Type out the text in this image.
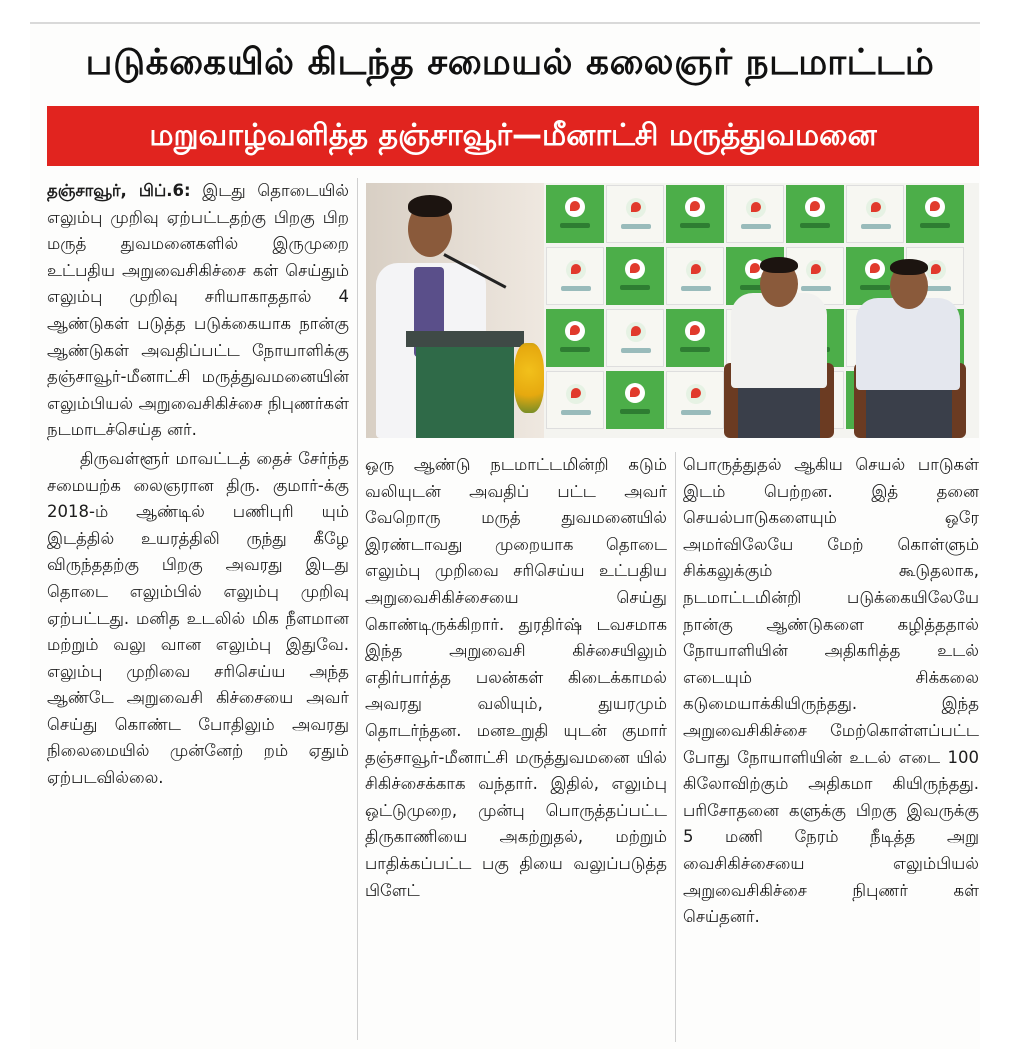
படுக்கையில் கிடந்த சமையல் கலைஞர் நடமாட்டம்
மறுவாழ்வளித்த தஞ்சாவூர்—மீனாட்சி மருத்துவமனை

தஞ்சாவூர், பிப்.6: இடது தொடையில் எலும்பு முறிவு ஏற்பட்டதற்கு பிறகு பிற மருத் துவமனைகளில் இருமுறை உட்பதிய அறுவைசிகிச்சை கள் செய்தும் எலும்பு முறிவு சரியாகாததால் 4 ஆண்டுகள் படுத்த படுக்கையாக நான்கு ஆண்டுகள் அவதிப்பட்ட நோயாளிக்கு தஞ்சாவூர்-மீனாட்சி மருத்துவமனையின் எலும்பியல் அறுவைசிகிச்சை நிபுணர்கள் நடமாடச்செய்த னர்.

திருவள்ளூர் மாவட்டத் தைச் சேர்ந்த சமையற்க லைஞரான திரு. குமார்-க்கு 2018-ம் ஆண்டில் பணிபுரி யும் இடத்தில் உயரத்திலி ருந்து கீழே விருந்ததற்கு பிறகு அவரது இடது தொடை எலும்பில் எலும்பு முறிவு ஏற்பட்டது. மனித உடலில் மிக நீளமான மற்றும் வலு வான எலும்பு இதுவே. எலும்பு முறிவை சரிசெய்ய அந்த ஆண்டே அறுவைசி கிச்சையை அவர் செய்து கொண்ட போதிலும் அவரது நிலைமையில் முன்னேற் றம் ஏதும் ஏற்படவில்லை.

ஒரு ஆண்டு நடமாட்டமின்றி கடும் வலியுடன் அவதிப் பட்ட அவர் வேறொரு மருத் துவமனையில் இரண்டாவது முறையாக தொடை எலும்பு முறிவை சரிசெய்ய உட்பதிய அறுவைசிகிச்சையை செய்து கொண்டிருக்கிறார். துரதிர்ஷ் டவசமாக இந்த அறுவைசி கிச்சையிலும் எதிர்பார்த்த பலன்கள் கிடைக்காமல் அவரது வலியும், துயரமும் தொடர்ந்தன. மனஉறுதி யுடன் குமார் தஞ்சாவூர்-மீனாட்சி மருத்துவமனை யில் சிகிச்சைக்காக வந்தார். இதில், எலும்பு ஒட்டுமுறை, முன்பு பொருத்தப்பட்ட திருகாணியை அகற்றுதல், மற்றும் பாதிக்கப்பட்ட பகு தியை வலுப்படுத்த பிளேட்

பொருத்துதல் ஆகிய செயல் பாடுகள் இடம் பெற்றன. இத் தனை செயல்பாடுகளையும் ஒரே அமர்விலேயே மேற் கொள்ளும் சிக்கலுக்கும் கூடுதலாக, நடமாட்டமின்றி படுக்கையிலேயே நான்கு ஆண்டுகளை கழித்ததால் நோயாளியின் அதிகரித்த உடல் எடையும் சிக்கலை கடுமையாக்கியிருந்தது. இந்த அறுவைசிகிச்சை மேற்கொள்ளப்பட்ட போது நோயாளியின் உடல் எடை 100 கிலோவிற்கும் அதிகமா கியிருந்தது. பரிசோதனை களுக்கு பிறகு இவருக்கு 5 மணி நேரம் நீடித்த அறு வைசிகிச்சையை எலும்பியல் அறுவைசிகிச்சை நிபுணர் கள் செய்தனர்.
